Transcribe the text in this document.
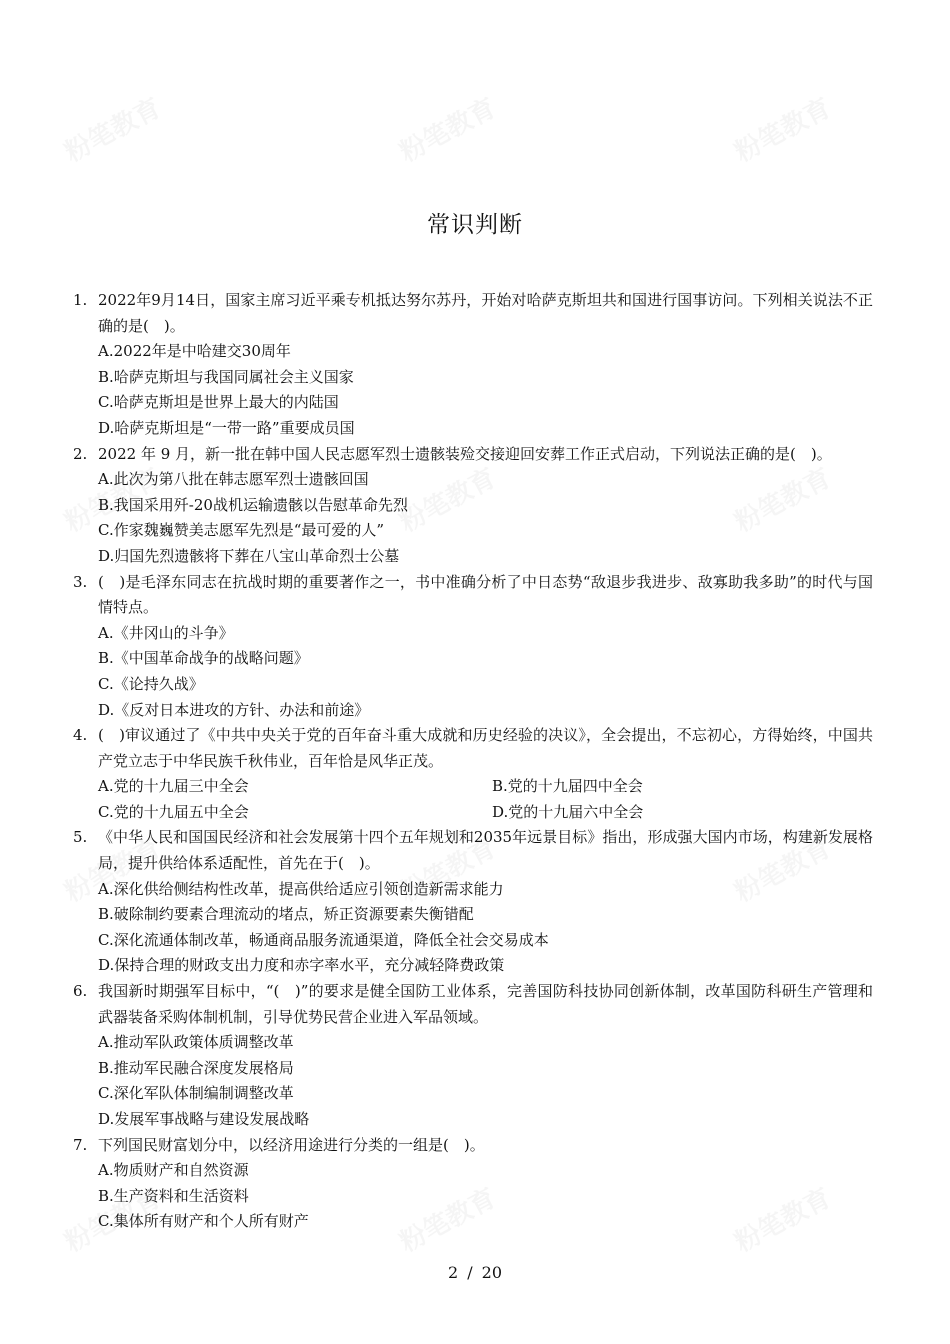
常识判断
1. 2022年9月14日，国家主席习近平乘专机抵达努尔苏丹，开始对哈萨克斯坦共和国进行国事访问。下列相关说法不正确的是(　)。
A.2022年是中哈建交30周年
B.哈萨克斯坦与我国同属社会主义国家
C.哈萨克斯坦是世界上最大的内陆国
D.哈萨克斯坦是“一带一路”重要成员国
2. 2022 年 9 月，新一批在韩中国人民志愿军烈士遗骸装殓交接迎回安葬工作正式启动，下列说法正确的是(　)。
A.此次为第八批在韩志愿军烈士遗骸回国
B.我国采用歼-20战机运输遗骸以告慰革命先烈
C.作家魏巍赞美志愿军先烈是“最可爱的人”
D.归国先烈遗骸将下葬在八宝山革命烈士公墓
3. (　)是毛泽东同志在抗战时期的重要著作之一，书中准确分析了中日态势“敌退步我进步、敌寡助我多助”的时代与国情特点。
A.《井冈山的斗争》
B.《中国革命战争的战略问题》
C.《论持久战》
D.《反对日本进攻的方针、办法和前途》
4. (　)审议通过了《中共中央关于党的百年奋斗重大成就和历史经验的决议》，全会提出，不忘初心，方得始终，中国共产党立志于中华民族千秋伟业，百年恰是风华正茂。
A.党的十九届三中全会	B.党的十九届四中全会
C.党的十九届五中全会	D.党的十九届六中全会
5. 《中华人民和国国民经济和社会发展第十四个五年规划和2035年远景目标》指出，形成强大国内市场，构建新发展格局，提升供给体系适配性，首先在于(　)。
A.深化供给侧结构性改革，提高供给适应引领创造新需求能力
B.破除制约要素合理流动的堵点，矫正资源要素失衡错配
C.深化流通体制改革，畅通商品服务流通渠道，降低全社会交易成本
D.保持合理的财政支出力度和赤字率水平，充分减轻降费政策
6. 我国新时期强军目标中，“(　)”的要求是健全国防工业体系，完善国防科技协同创新体制，改革国防科研生产管理和武器装备采购体制机制，引导优势民营企业进入军品领域。
A.推动军队政策体质调整改革
B.推动军民融合深度发展格局
C.深化军队体制编制调整改革
D.发展军事战略与建设发展战略
7. 下列国民财富划分中，以经济用途进行分类的一组是(　)。
A.物质财产和自然资源
B.生产资料和生活资料
C.集体所有财产和个人所有财产
2 / 20
